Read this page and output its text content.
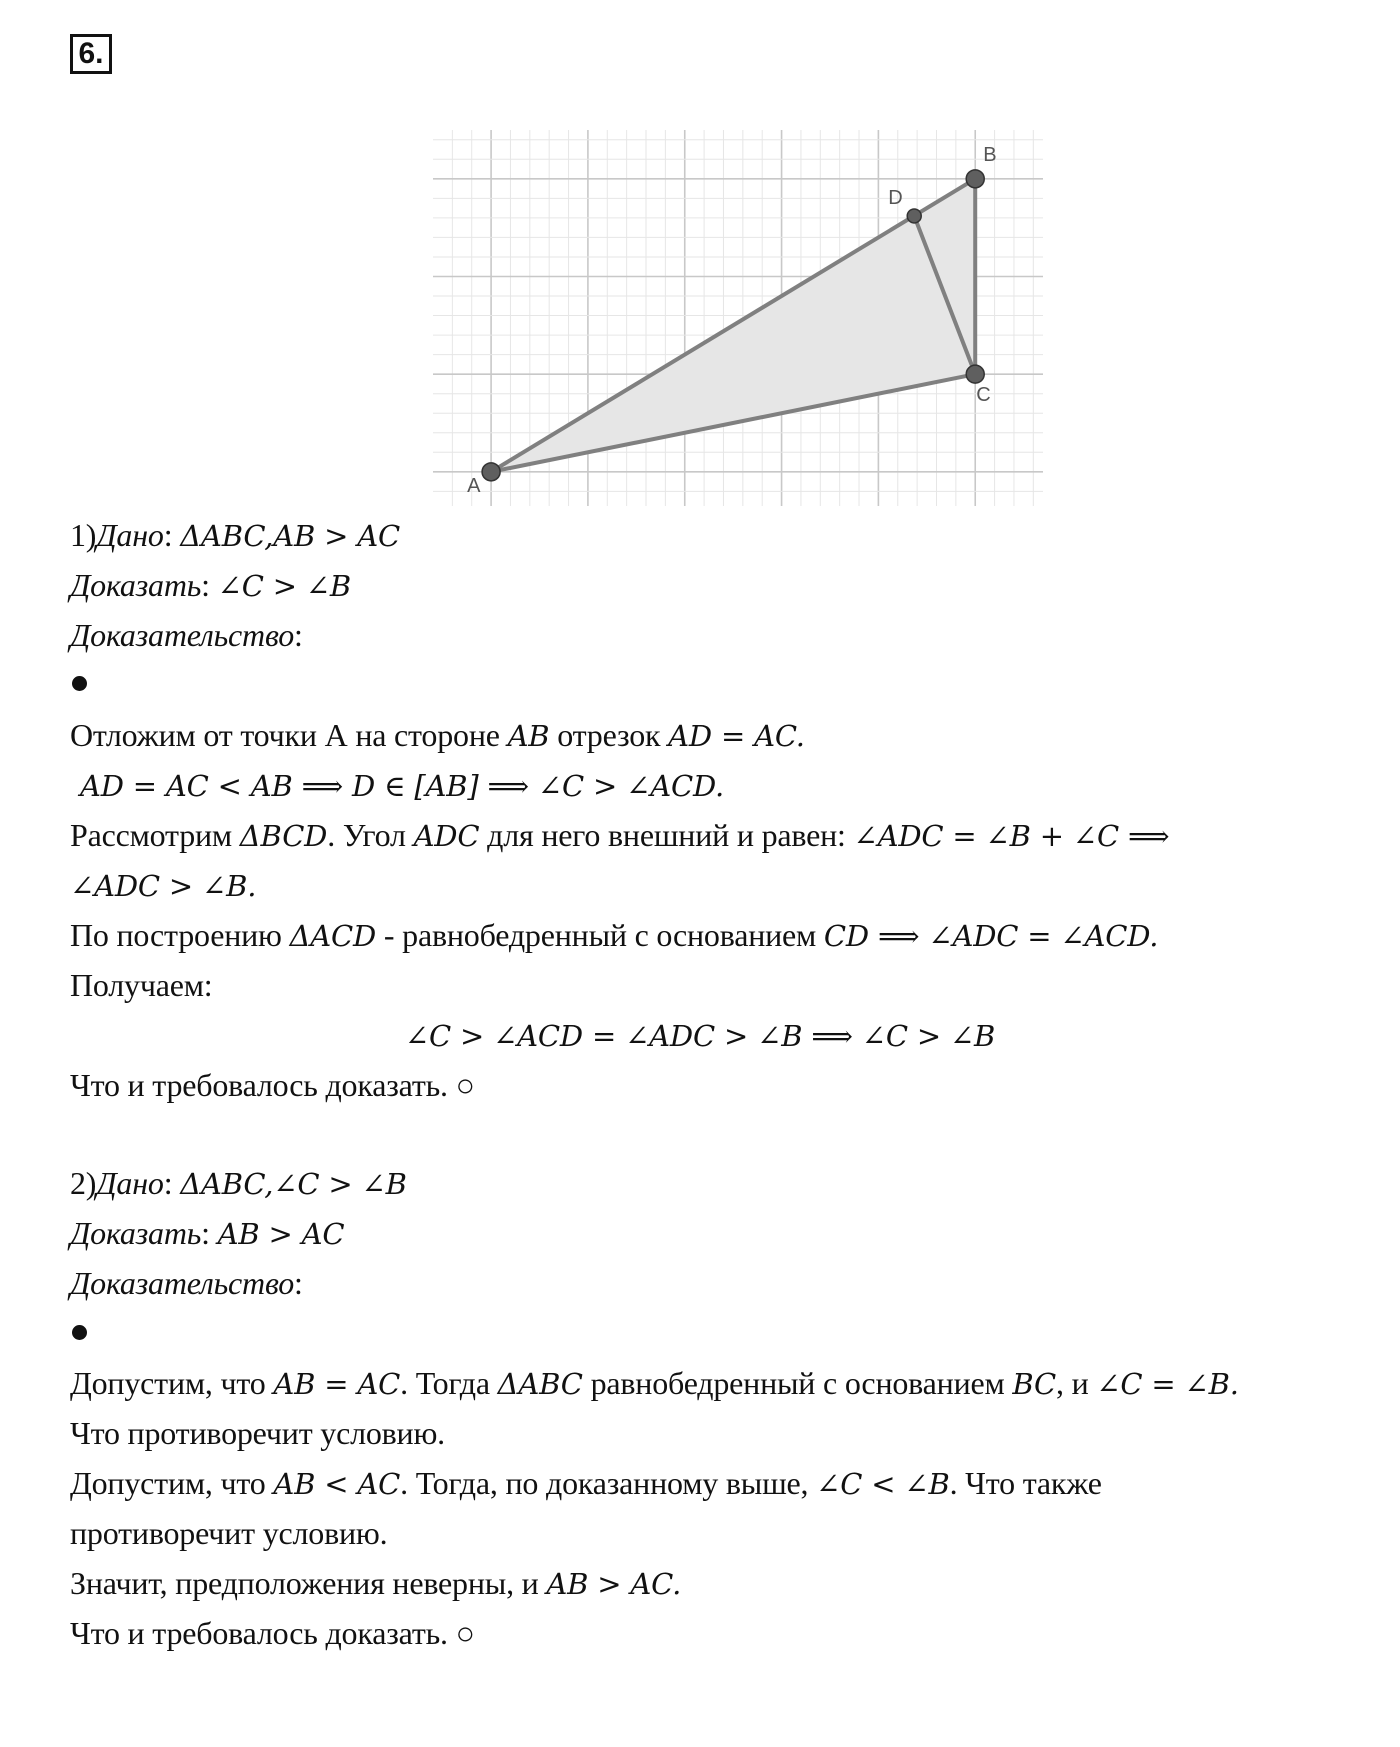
6.
A
B
C
D
1)Дано: ΔABC,AB > AC
Доказать: ∠C > ∠B
Доказательство:
Отложим от точки А на стороне AB отрезок AD = AC.
AD = AC < AB ⟹ D ∈ [AB] ⟹ ∠C > ∠ACD.
Рассмотрим ΔBCD. Угол ADC для него внешний и равен: ∠ADC = ∠B + ∠C ⟹
∠ADC > ∠B.
По построению ΔACD - равнобедренный с основанием CD ⟹ ∠ADC = ∠ACD.
Получаем:
∠C > ∠ACD = ∠ADC > ∠B ⟹ ∠C > ∠B
Что и требовалось доказать. ○
2)Дано: ΔABC,∠C > ∠B
Доказать: AB > AC
Доказательство:
Допустим, что AB = AC. Тогда ΔABC равнобедренный с основанием BC, и ∠C = ∠B.
Что противоречит условию.
Допустим, что AB < AC. Тогда, по доказанному выше, ∠C < ∠B. Что также
противоречит условию.
Значит, предположения неверны, и AB > AC.
Что и требовалось доказать. ○
